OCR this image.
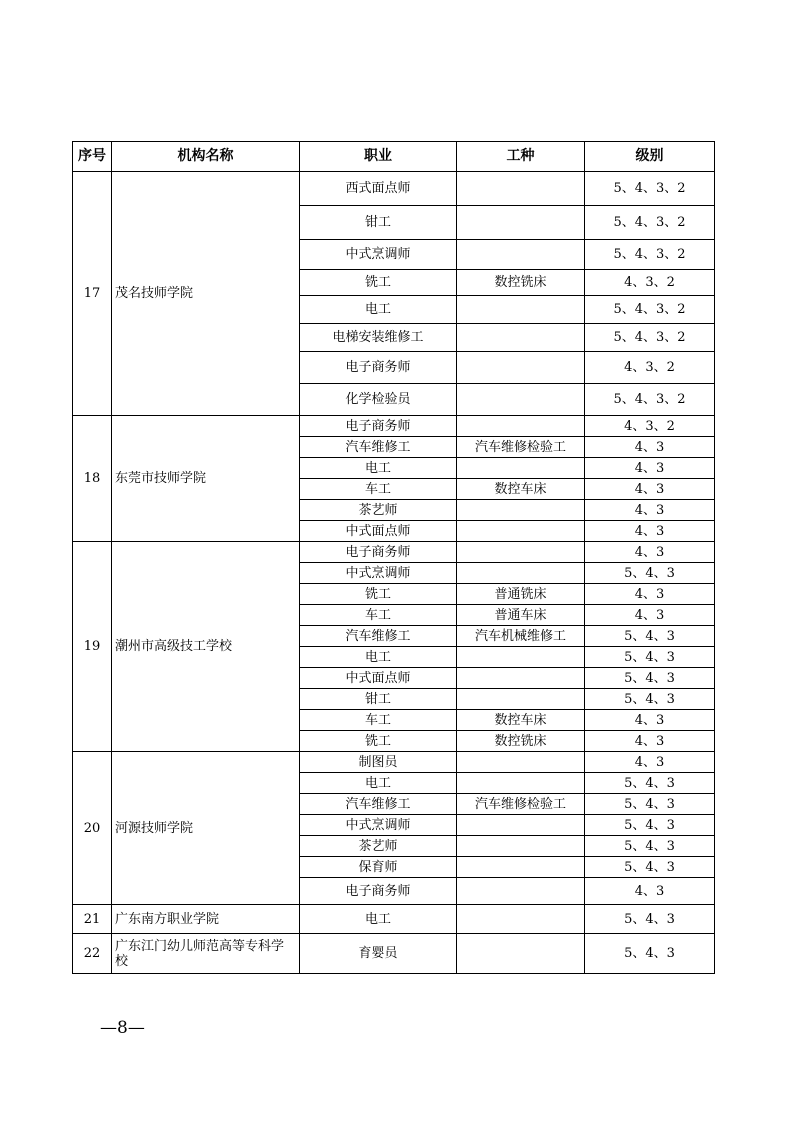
序号	机构名称	职业	工种	级别
17	茂名技师学院	西式面点师		5、4、3、2
		钳工		5、4、3、2
		中式烹调师		5、4、3、2
		铣工	数控铣床	4、3、2
		电工		5、4、3、2
		电梯安装维修工		5、4、3、2
		电子商务师		4、3、2
		化学检验员		5、4、3、2
18	东莞市技师学院	电子商务师		4、3、2
		汽车维修工	汽车维修检验工	4、3
		电工		4、3
		车工	数控车床	4、3
		茶艺师		4、3
		中式面点师		4、3
19	潮州市高级技工学校	电子商务师		4、3
		中式烹调师		5、4、3
		铣工	普通铣床	4、3
		车工	普通车床	4、3
		汽车维修工	汽车机械维修工	5、4、3
		电工		5、4、3
		中式面点师		5、4、3
		钳工		5、4、3
		车工	数控车床	4、3
		铣工	数控铣床	4、3
20	河源技师学院	制图员		4、3
		电工		5、4、3
		汽车维修工	汽车维修检验工	5、4、3
		中式烹调师		5、4、3
		茶艺师		5、4、3
		保育师		5、4、3
		电子商务师		4、3
21	广东南方职业学院	电工		5、4、3
22	广东江门幼儿师范高等专科学校	育婴员		5、4、3
—8—
